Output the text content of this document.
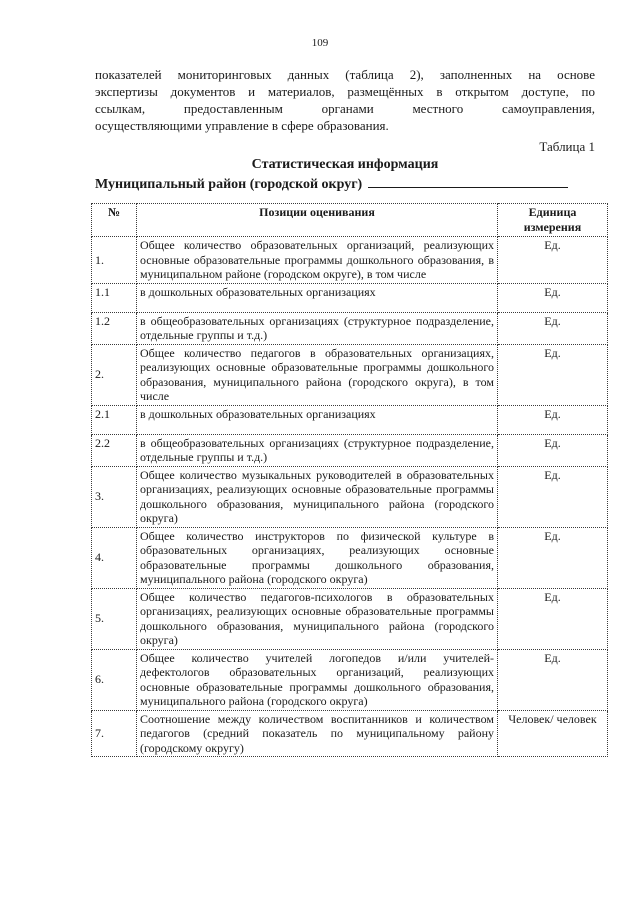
109
показателей мониторинговых данных (таблица 2), заполненных на основе
экспертизы документов и материалов, размещённых в открытом доступе, по
ссылкам, предоставленным органами местного самоуправления,
осуществляющими управление в сфере образования.
Таблица 1
Статистическая информация
Муниципальный район (городской округ)
№	Позиции оценивания	Единица измерения
1.	Общее количество образовательных организаций, реализующих основные образовательные программы дошкольного образования, в муниципальном районе (городском округе), в том числе	Ед.
1.1	в дошкольных образовательных организациях	Ед.
1.2	в общеобразовательных организациях (структурное подразделение, отдельные группы и т.д.)	Ед.
2.	Общее количество педагогов в образовательных организациях, реализующих основные образовательные программы дошкольного образования, муниципального района (городского округа), в том числе	Ед.
2.1	в дошкольных образовательных организациях	Ед.
2.2	в общеобразовательных организациях (структурное подразделение, отдельные группы и т.д.)	Ед.
3.	Общее количество музыкальных руководителей в образовательных организациях, реализующих основные образовательные программы дошкольного образования, муниципального района (городского округа)	Ед.
4.	Общее количество инструкторов по физической культуре в образовательных организациях, реализующих основные образовательные программы дошкольного образования, муниципального района (городского округа)	Ед.
5.	Общее количество педагогов-психологов в образовательных организациях, реализующих основные образовательные программы дошкольного образования, муниципального района (городского округа)	Ед.
6.	Общее количество учителей логопедов и/или учителей-дефектологов образовательных организаций, реализующих основные образовательные программы дошкольного образования, муниципального района (городского округа)	Ед.
7.	Соотношение между количеством воспитанников и количеством педагогов (средний показатель по муниципальному району (городскому округу)	Человек/ человек
